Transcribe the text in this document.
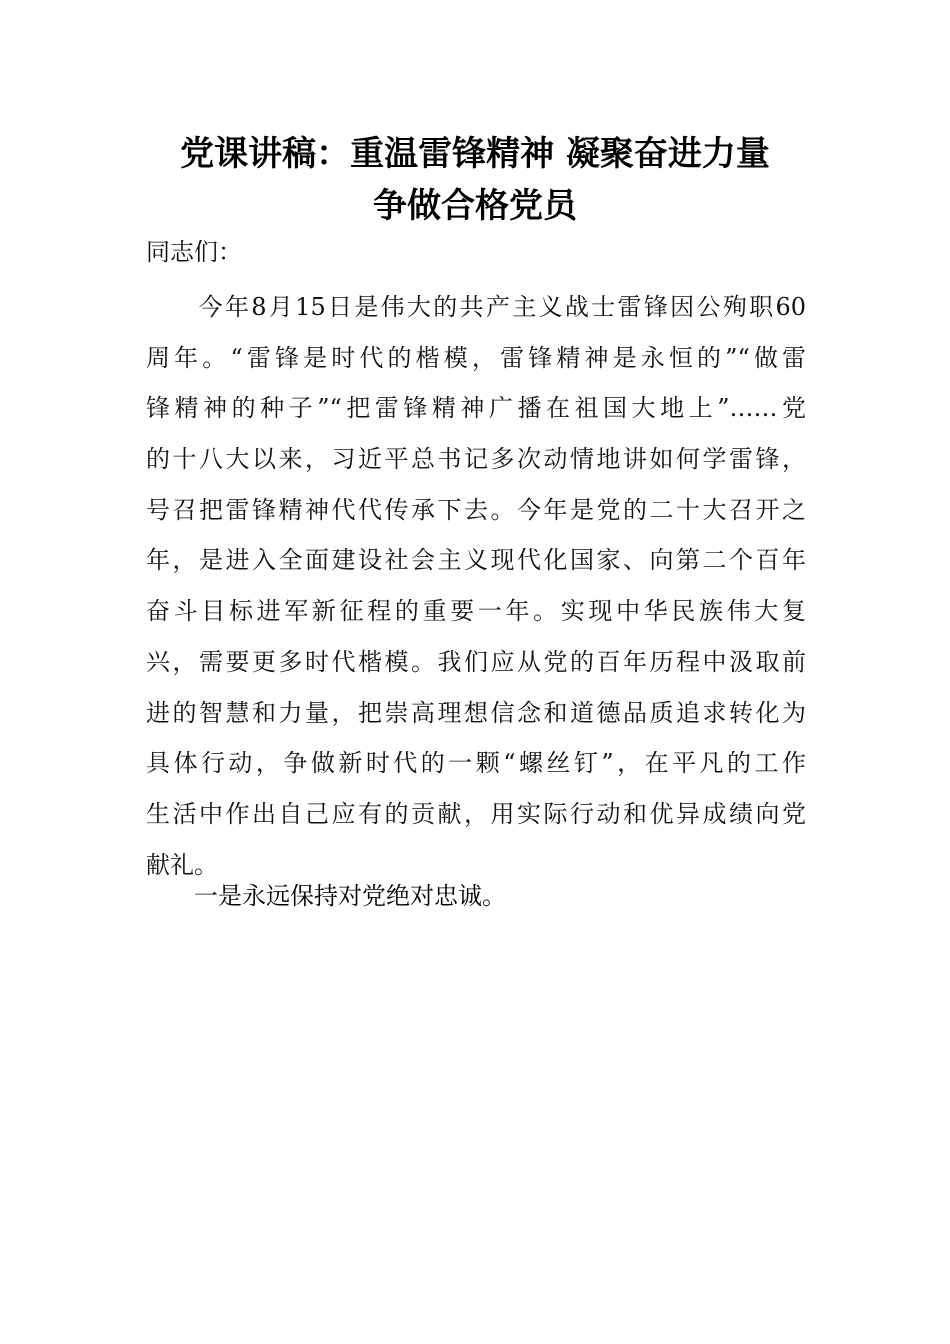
党课讲稿：重温雷锋精神 凝聚奋进力量
争做合格党员

同志们：

　　今年8月15日是伟大的共产主义战士雷锋因公殉职60
周年。“雷锋是时代的楷模，雷锋精神是永恒的”“做雷
锋精神的种子”“把雷锋精神广播在祖国大地上”……党
的十八大以来，习近平总书记多次动情地讲如何学雷锋，
号召把雷锋精神代代传承下去。今年是党的二十大召开之
年，是进入全面建设社会主义现代化国家、向第二个百年
奋斗目标进军新征程的重要一年。实现中华民族伟大复
兴，需要更多时代楷模。我们应从党的百年历程中汲取前
进的智慧和力量，把崇高理想信念和道德品质追求转化为
具体行动，争做新时代的一颗“螺丝钉”，在平凡的工作
生活中作出自己应有的贡献，用实际行动和优异成绩向党
献礼。

一是永远保持对党绝对忠诚。
